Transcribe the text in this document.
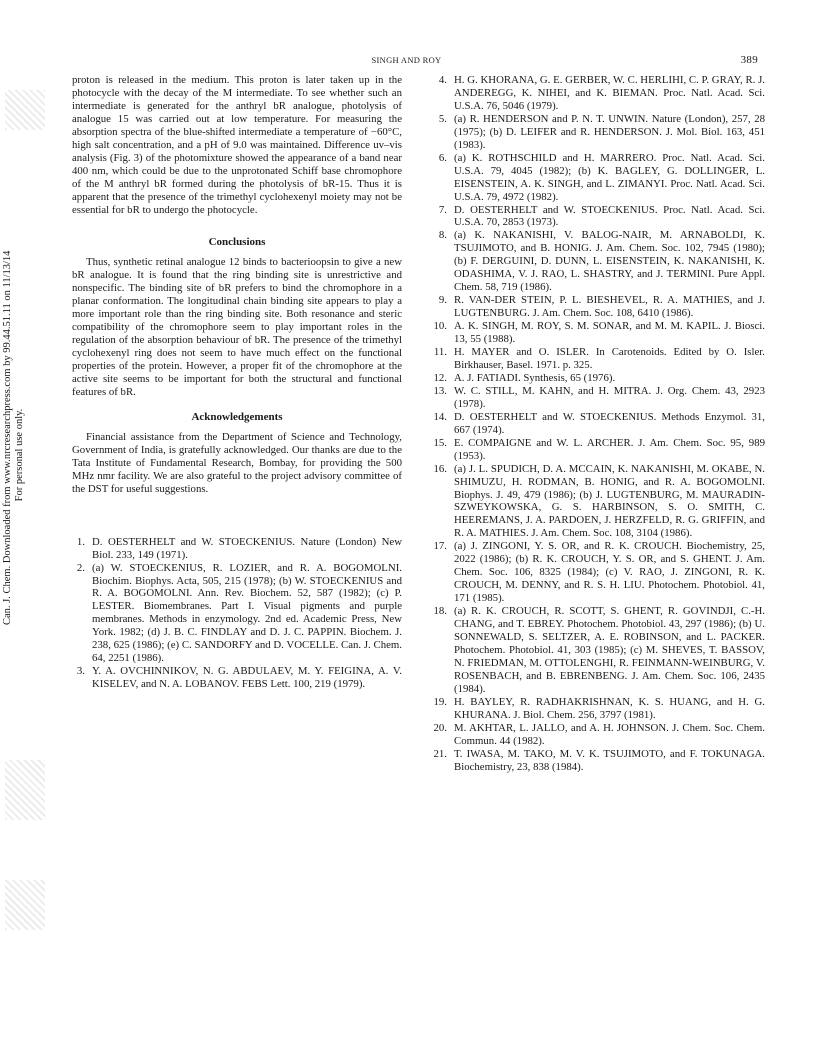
SINGH AND ROY	389
Can. J. Chem. Downloaded from www.nrcresearchpress.com by 99.44.51.11 on 11/13/14 For personal use only.

proton is released in the medium. This proton is later taken up in the photocycle with the decay of the M intermediate. To see whether such an intermediate is generated for the anthryl bR analogue, photolysis of analogue 15 was carried out at low temperature. For measuring the absorption spectra of the blue-shifted intermediate a temperature of −60°C, high salt concentration, and a pH of 9.0 was maintained. Difference uv–vis analysis (Fig. 3) of the photomixture showed the appearance of a band near 400 nm, which could be due to the unprotonated Schiff base chromophore of the M anthryl bR formed during the photolysis of bR-15. Thus it is apparent that the presence of the trimethyl cyclohexenyl moiety may not be essential for bR to undergo the photocycle.

Conclusions

Thus, synthetic retinal analogue 12 binds to bacterioopsin to give a new bR analogue. It is found that the ring binding site is unrestrictive and nonspecific. The binding site of bR prefers to bind the chromophore in a planar conformation. The longitudinal chain binding site appears to play a more important role than the ring binding site. Both resonance and steric compatibility of the chromophore seem to play important roles in the regulation of the absorption behaviour of bR. The presence of the trimethyl cyclohexenyl ring does not seem to have much effect on the functional properties of the protein. However, a proper fit of the chromophore at the active site seems to be important for both the structural and functional features of bR.

Acknowledgements

Financial assistance from the Department of Science and Technology, Government of India, is gratefully acknowledged. Our thanks are due to the Tata Institute of Fundamental Research, Bombay, for providing the 500 MHz nmr facility. We are also grateful to the project advisory committee of the DST for useful suggestions.

1. D. OESTERHELT and W. STOECKENIUS. Nature (London) New Biol. 233, 149 (1971).
2. (a) W. STOECKENIUS, R. LOZIER, and R. A. BOGOMOLNI. Biochim. Biophys. Acta, 505, 215 (1978); (b) W. STOECKENIUS and R. A. BOGOMOLNI. Ann. Rev. Biochem. 52, 587 (1982); (c) P. LESTER. Biomembranes. Part I. Visual pigments and purple membranes. Methods in enzymology. 2nd ed. Academic Press, New York. 1982; (d) J. B. C. FINDLAY and D. J. C. PAPPIN. Biochem. J. 238, 625 (1986); (e) C. SANDORFY and D. VOCELLE. Can. J. Chem. 64, 2251 (1986).
3. Y. A. OVCHINNIKOV, N. G. ABDULAEV, M. Y. FEIGINA, A. V. KISELEV, and N. A. LOBANOV. FEBS Lett. 100, 219 (1979).
4. H. G. KHORANA, G. E. GERBER, W. C. HERLIHI, C. P. GRAY, R. J. ANDEREGG, K. NIHEI, and K. BIEMAN. Proc. Natl. Acad. Sci. U.S.A. 76, 5046 (1979).
5. (a) R. HENDERSON and P. N. T. UNWIN. Nature (London), 257, 28 (1975); (b) D. LEIFER and R. HENDERSON. J. Mol. Biol. 163, 451 (1983).
6. (a) K. ROTHSCHILD and H. MARRERO. Proc. Natl. Acad. Sci. U.S.A. 79, 4045 (1982); (b) K. BAGLEY, G. DOLLINGER, L. EISENSTEIN, A. K. SINGH, and L. ZIMANYI. Proc. Natl. Acad. Sci. U.S.A. 79, 4972 (1982).
7. D. OESTERHELT and W. STOECKENIUS. Proc. Natl. Acad. Sci. U.S.A. 70, 2853 (1973).
8. (a) K. NAKANISHI, V. BALOG-NAIR, M. ARNABOLDI, K. TSUJIMOTO, and B. HONIG. J. Am. Chem. Soc. 102, 7945 (1980); (b) F. DERGUINI, D. DUNN, L. EISENSTEIN, K. NAKANISHI, K. ODASHIMA, V. J. RAO, L. SHASTRY, and J. TERMINI. Pure Appl. Chem. 58, 719 (1986).
9. R. VAN-DER STEIN, P. L. BIESHEVEL, R. A. MATHIES, and J. LUGTENBURG. J. Am. Chem. Soc. 108, 6410 (1986).
10. A. K. SINGH, M. ROY, S. M. SONAR, and M. M. KAPIL. J. Biosci. 13, 55 (1988).
11. H. MAYER and O. ISLER. In Carotenoids. Edited by O. Isler. Birkhauser, Basel. 1971. p. 325.
12. A. J. FATIADI. Synthesis, 65 (1976).
13. W. C. STILL, M. KAHN, and H. MITRA. J. Org. Chem. 43, 2923 (1978).
14. D. OESTERHELT and W. STOECKENIUS. Methods Enzymol. 31, 667 (1974).
15. E. COMPAIGNE and W. L. ARCHER. J. Am. Chem. Soc. 95, 989 (1953).
16. (a) J. L. SPUDICH, D. A. MCCAIN, K. NAKANISHI, M. OKABE, N. SHIMUZU, H. RODMAN, B. HONIG, and R. A. BOGOMOLNI. Biophys. J. 49, 479 (1986); (b) J. LUGTENBURG, M. MAURADIN-SZWEYKOWSKA, G. S. HARBINSON, S. O. SMITH, C. HEEREMANS, J. A. PARDOEN, J. HERZFELD, R. G. GRIFFIN, and R. A. MATHIES. J. Am. Chem. Soc. 108, 3104 (1986).
17. (a) J. ZINGONI, Y. S. OR, and R. K. CROUCH. Biochemistry, 25, 2022 (1986); (b) R. K. CROUCH, Y. S. OR, and S. GHENT. J. Am. Chem. Soc. 106, 8325 (1984); (c) V. RAO, J. ZINGONI, R. K. CROUCH, M. DENNY, and R. S. H. LIU. Photochem. Photobiol. 41, 171 (1985).
18. (a) R. K. CROUCH, R. SCOTT, S. GHENT, R. GOVINDJI, C.-H. CHANG, and T. EBREY. Photochem. Photobiol. 43, 297 (1986); (b) U. SONNEWALD, S. SELTZER, A. E. ROBINSON, and L. PACKER. Photochem. Photobiol. 41, 303 (1985); (c) M. SHEVES, T. BASSOV, N. FRIEDMAN, M. OTTOLENGHI, R. FEINMANN-WEINBURG, V. ROSENBACH, and B. EBRENBENG. J. Am. Chem. Soc. 106, 2435 (1984).
19. H. BAYLEY, R. RADHAKRISHNAN, K. S. HUANG, and H. G. KHURANA. J. Biol. Chem. 256, 3797 (1981).
20. M. AKHTAR, L. JALLO, and A. H. JOHNSON. J. Chem. Soc. Chem. Commun. 44 (1982).
21. T. IWASA, M. TAKO, M. V. K. TSUJIMOTO, and F. TOKUNAGA. Biochemistry, 23, 838 (1984).
